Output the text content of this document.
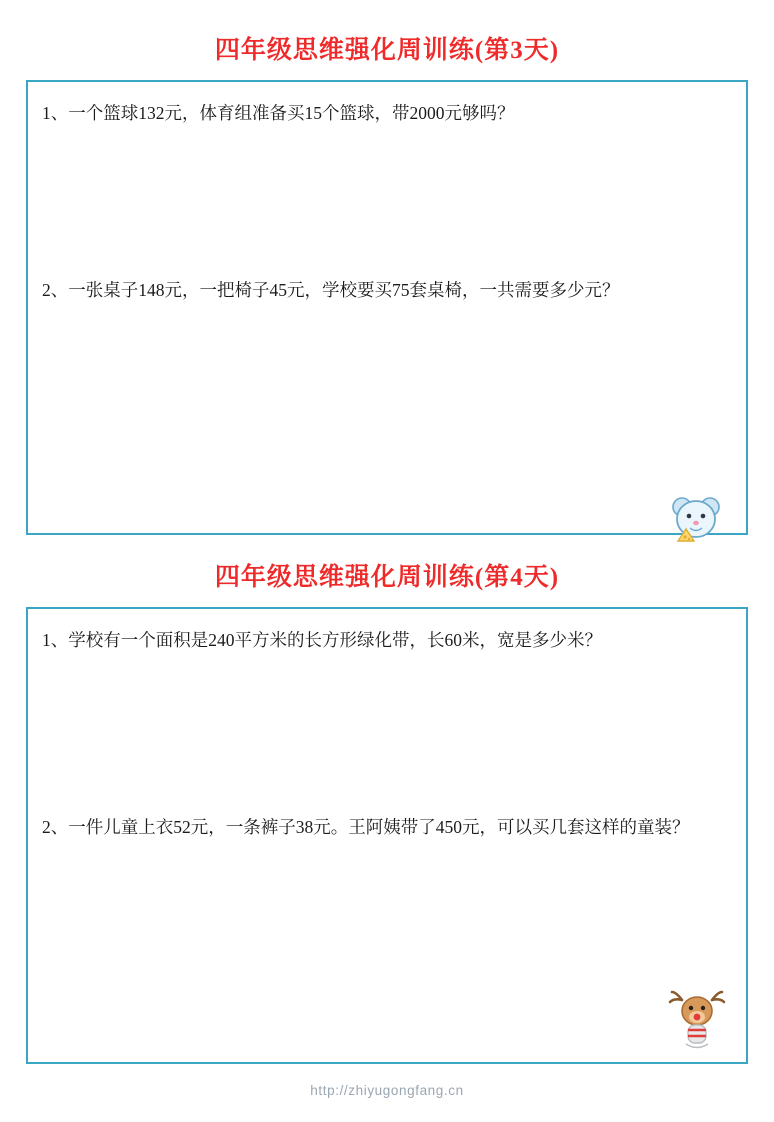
四年级思维强化周训练(第3天)
1、一个篮球132元，体育组准备买15个篮球，带2000元够吗？
2、一张桌子148元，一把椅子45元，学校要买75套桌椅，一共需要多少元？
四年级思维强化周训练(第4天)
1、学校有一个面积是240平方米的长方形绿化带，长60米，宽是多少米？
2、一件儿童上衣52元，一条裤子38元。王阿姨带了450元，可以买几套这样的童装？
http://zhiyugongfang.cn
